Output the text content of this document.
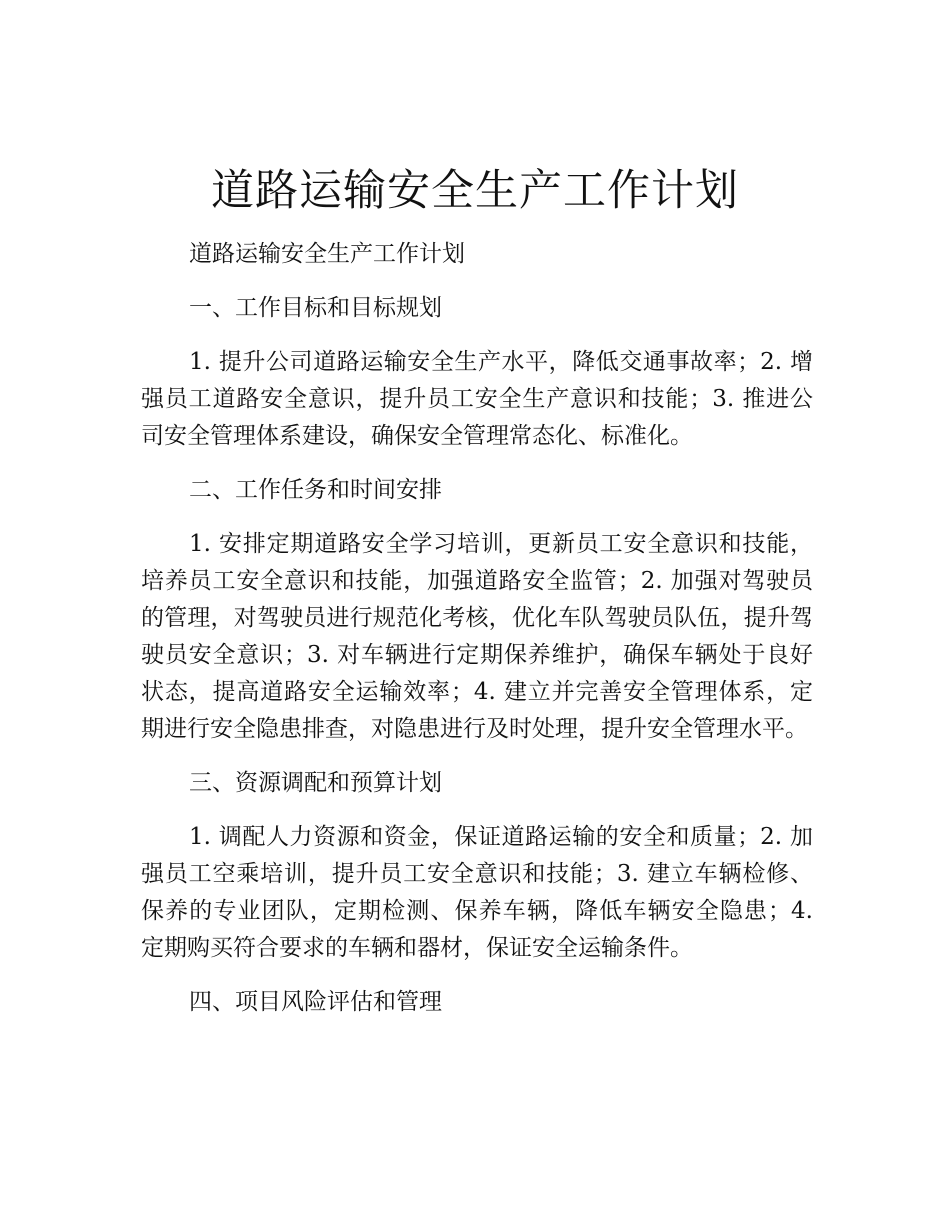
道路运输安全生产工作计划

道路运输安全生产工作计划

一、工作目标和目标规划

1. 提升公司道路运输安全生产水平，降低交通事故率；2. 增强员工道路安全意识，提升员工安全生产意识和技能；3. 推进公司安全管理体系建设，确保安全管理常态化、标准化。

二、工作任务和时间安排

1. 安排定期道路安全学习培训，更新员工安全意识和技能，培养员工安全意识和技能，加强道路安全监管；2. 加强对驾驶员的管理，对驾驶员进行规范化考核，优化车队驾驶员队伍，提升驾驶员安全意识；3. 对车辆进行定期保养维护，确保车辆处于良好状态，提高道路安全运输效率；4. 建立并完善安全管理体系，定期进行安全隐患排查，对隐患进行及时处理，提升安全管理水平。

三、资源调配和预算计划

1. 调配人力资源和资金，保证道路运输的安全和质量；2. 加强员工空乘培训，提升员工安全意识和技能；3. 建立车辆检修、保养的专业团队，定期检测、保养车辆，降低车辆安全隐患；4. 定期购买符合要求的车辆和器材，保证安全运输条件。

四、项目风险评估和管理
